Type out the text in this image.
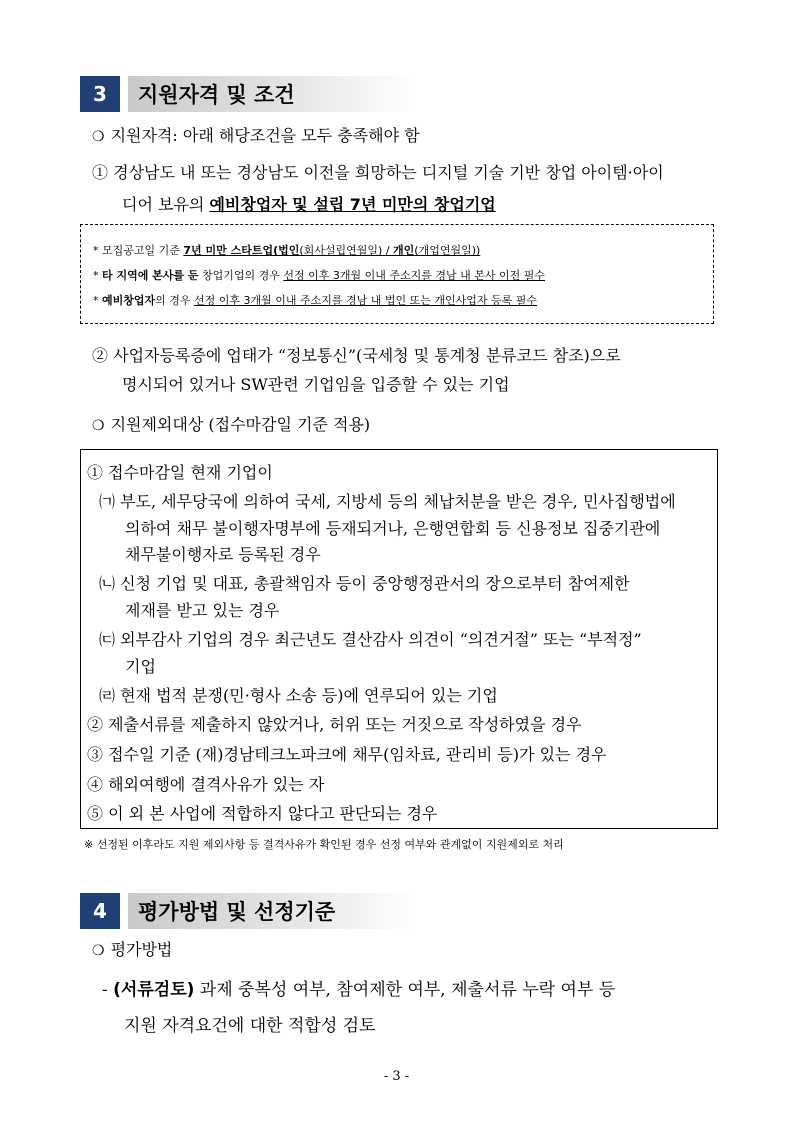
3	지원자격 및 조건
❍ 지원자격: 아래 해당조건을 모두 충족해야 함
① 경상남도 내 또는 경상남도 이전을 희망하는 디지털 기술 기반 창업 아이템·아이
디어 보유의 예비창업자 및 설립 7년 미만의 창업기업
* 모집공고일 기준 7년 미만 스타트업(법인(회사설립연월일) / 개인(개업연월일))
* 타 지역에 본사를 둔 창업기업의 경우 선정 이후 3개월 이내 주소지를 경남 내 본사 이전 필수
* 예비창업자의 경우 선정 이후 3개월 이내 주소지를 경남 내 법인 또는 개인사업자 등록 필수
② 사업자등록증에 업태가 “정보통신”(국세청 및 통계청 분류코드 참조)으로
명시되어 있거나 SW관련 기업임을 입증할 수 있는 기업
❍ 지원제외대상 (접수마감일 기준 적용)
① 접수마감일 현재 기업이
㈀ 부도, 세무당국에 의하여 국세, 지방세 등의 체납처분을 받은 경우, 민사집행법에
의하여 채무 불이행자명부에 등재되거나, 은행연합회 등 신용정보 집중기관에
채무불이행자로 등록된 경우
㈁ 신청 기업 및 대표, 총괄책임자 등이 중앙행정관서의 장으로부터 참여제한
제재를 받고 있는 경우
㈂ 외부감사 기업의 경우 최근년도 결산감사 의견이 “의견거절” 또는 “부적정”
기업
㈃ 현재 법적 분쟁(민·형사 소송 등)에 연루되어 있는 기업
② 제출서류를 제출하지 않았거나, 허위 또는 거짓으로 작성하였을 경우
③ 접수일 기준 (재)경남테크노파크에 채무(임차료, 관리비 등)가 있는 경우
④ 해외여행에 결격사유가 있는 자
⑤ 이 외 본 사업에 적합하지 않다고 판단되는 경우
※ 선정된 이후라도 지원 제외사항 등 결격사유가 확인된 경우 선정 여부와 관계없이 지원제외로 처리
4	평가방법 및 선정기준
❍ 평가방법
- (서류검토) 과제 중복성 여부, 참여제한 여부, 제출서류 누락 여부 등
지원 자격요건에 대한 적합성 검토
- 3 -
